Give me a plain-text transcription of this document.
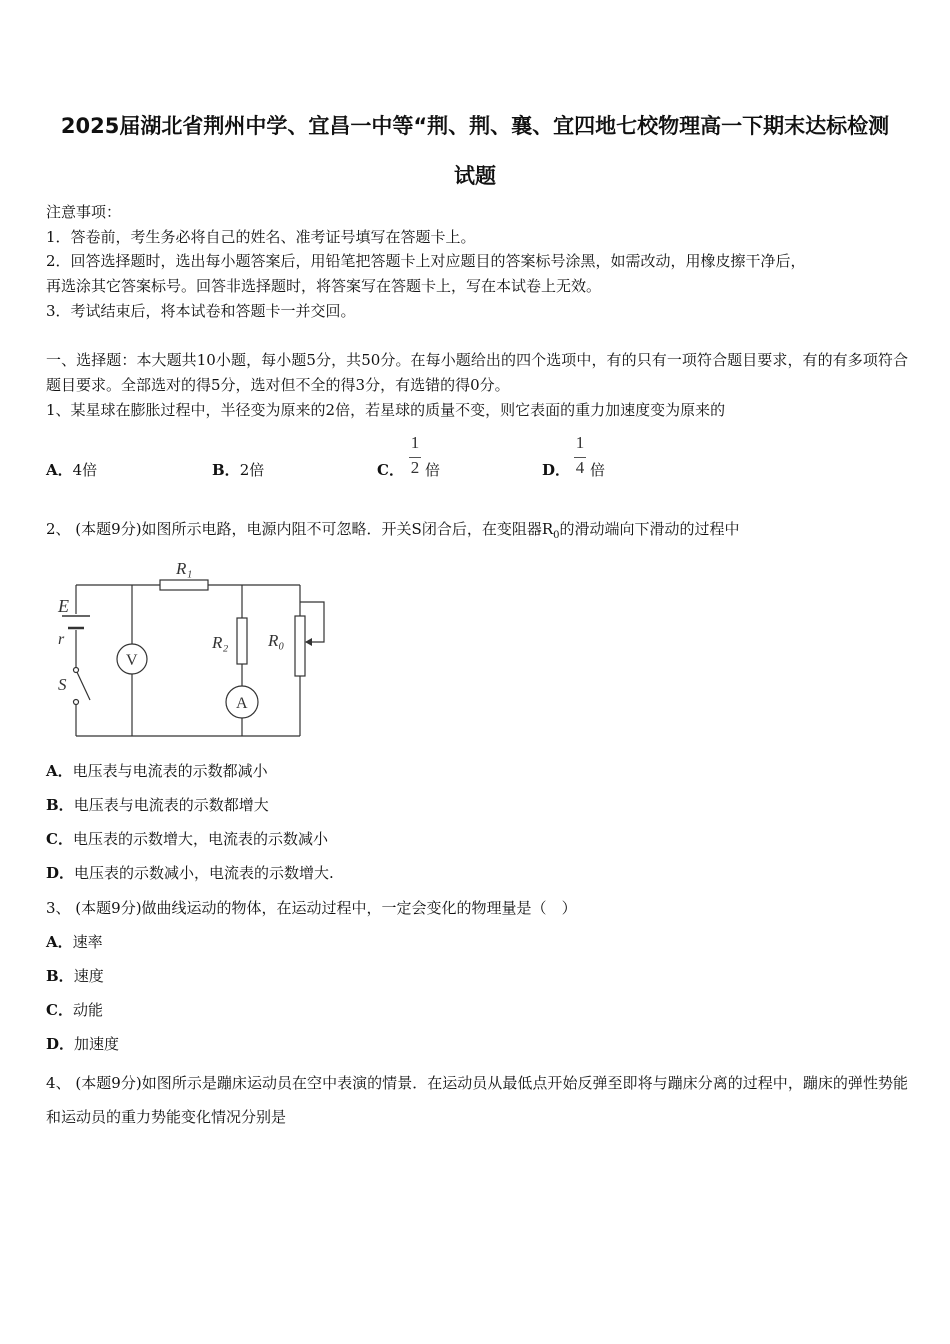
2025届湖北省荆州中学、宜昌一中等“荆、荆、襄、宜四地七校物理高一下期末达标检测
试题
注意事项：
1．答卷前，考生务必将自己的姓名、准考证号填写在答题卡上。
2．回答选择题时，选出每小题答案后，用铅笔把答题卡上对应题目的答案标号涂黑，如需改动，用橡皮擦干净后，
再选涂其它答案标号。回答非选择题时，将答案写在答题卡上，写在本试卷上无效。
3．考试结束后，将本试卷和答题卡一并交回。
一、选择题：本大题共10小题，每小题5分，共50分。在每小题给出的四个选项中，有的只有一项符合题目要求，有的有多项符合题目要求。全部选对的得5分，选对但不全的得3分，有选错的得0分。
1、某星球在膨胀过程中，半径变为原来的2倍，若星球的质量不变，则它表面的重力加速度变为原来的
A．4倍	B．2倍	C．
1
2 倍	D．
1
4 倍
2、 (本题9分)如图所示电路，电源内阻不可忽略．开关S闭合后，在变阻器$R_0$的滑动端向下滑动的过程中
R₁
E
r
S
R₂ R₀
V
A
A．电压表与电流表的示数都减小
B．电压表与电流表的示数都增大
C．电压表的示数增大，电流表的示数减小
D．电压表的示数减小，电流表的示数增大.
3、 (本题9分)做曲线运动的物体，在运动过程中，一定会变化的物理量是（　）
A．速率
B．速度
C．动能
D．加速度
4、 (本题9分)如图所示是蹦床运动员在空中表演的情景．在运动员从最低点开始反弹至即将与蹦床分离的过程中，蹦床的弹性势能和运动员的重力势能变化情况分别是
